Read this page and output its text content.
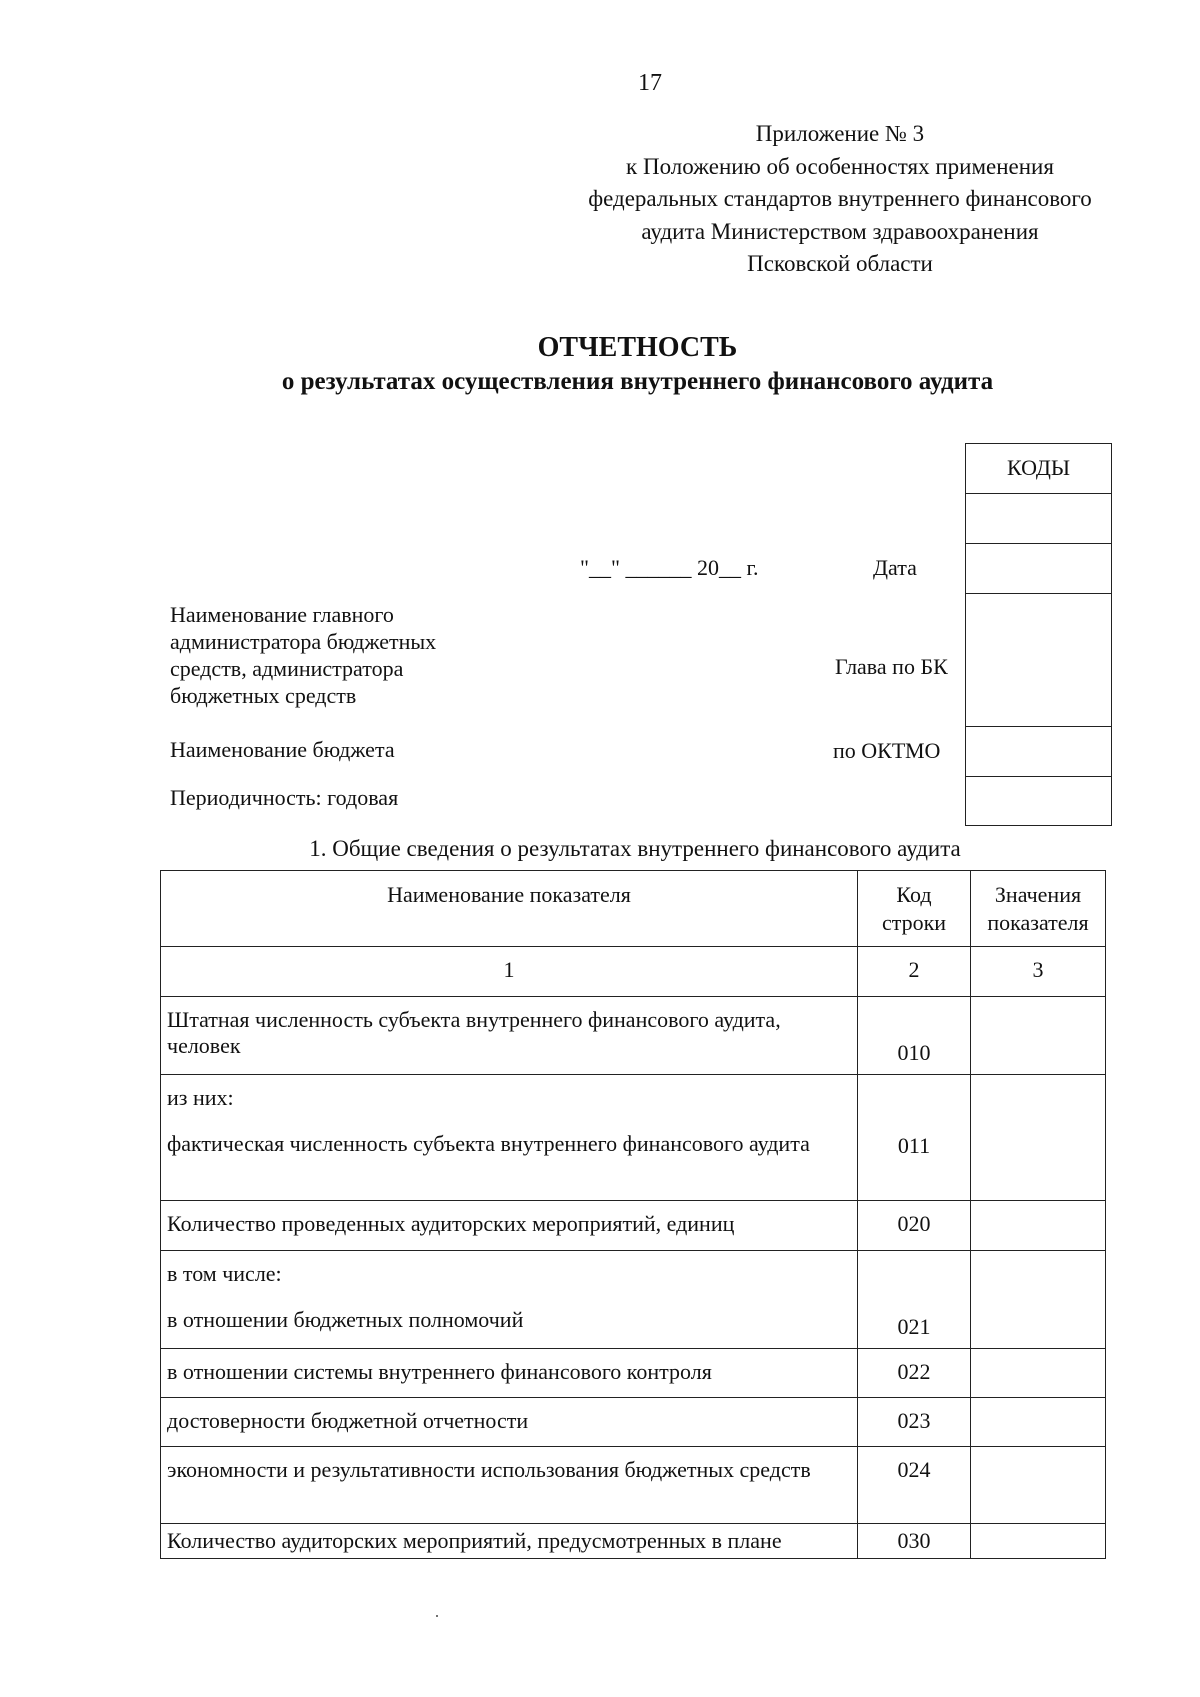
17
Приложение № 3
к Положению об особенностях применения
федеральных стандартов внутреннего финансового
аудита Министерством здравоохранения
Псковской области
ОТЧЕТНОСТЬ
о результатах осуществления внутреннего финансового аудита
КОДЫ
"__" ______ 20__ г.	Дата
Наименование главного администратора бюджетных средств, администратора бюджетных средств
Глава по БК
Наименование бюджета	по ОКТМО
Периодичность: годовая
1. Общие сведения о результатах внутреннего финансового аудита
Наименование показателя	Код строки	Значения показателя
1	2	3
Штатная численность субъекта внутреннего финансового аудита, человек	010	
из них:
фактическая численность субъекта внутреннего финансового аудита	011	
Количество проведенных аудиторских мероприятий, единиц	020	
в том числе:
в отношении бюджетных полномочий	021	
в отношении системы внутреннего финансового контроля	022	
достоверности бюджетной отчетности	023	
экономности и результативности использования бюджетных средств	024	
Количество аудиторских мероприятий, предусмотренных в плане	030	
